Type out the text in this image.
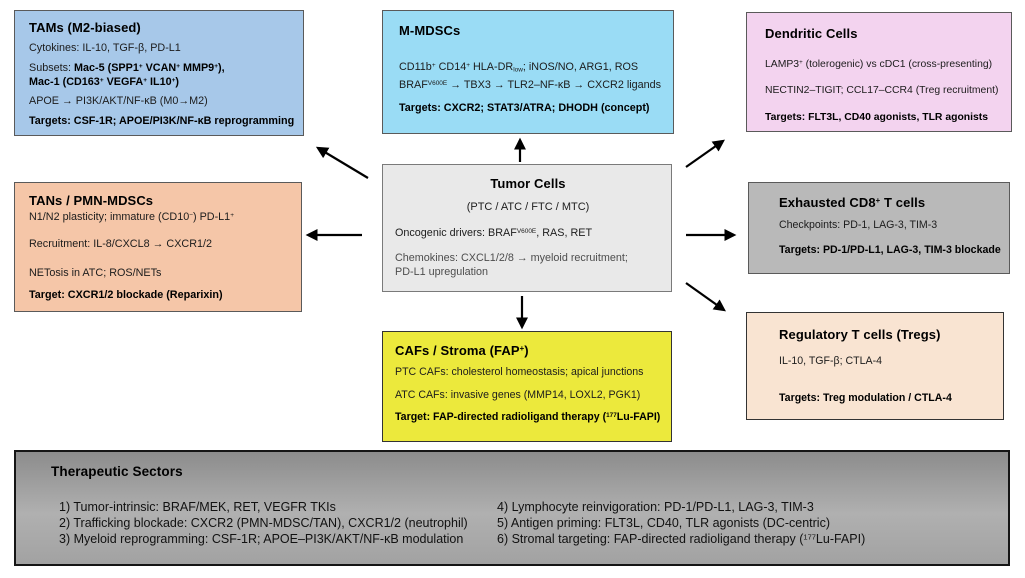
TAMs (M2-biased)

Cytokines: IL-10, TGF-β, PD-L1

Subsets: Mac-5 (SPP1+ VCAN+ MMP9+),
Mac-1 (CD163+ VEGFA+ IL10+)

APOE → PI3K/AKT/NF-κB (M0→M2)

Targets: CSF-1R; APOE/PI3K/NF-κB reprogramming

M-MDSCs

CD11b+ CD14+ HLA-$DR_{low}$; iNOS/NO, ARG1, ROS

$BRAF^{V600E} \to TBX3 \to TLR2-NF-\kappa B$ → CXCR2 ligands

Targets: CXCR2; STAT3/ATRA; DHODH (concept)

Dendritic Cells

LAMP3+ (tolerogenic) vs cDC1 (cross-presenting)

NECTIN2–TIGIT; CCL17–CCR4 (Treg recruitment)

Targets: FLT3L, CD40 agonists, TLR agonists

TANs / PMN-MDSCs

N1/N2 plasticity; immature (CD10−) PD-L1+

Recruitment: IL-8/CXCL8 → CXCR1/2

NETosis in ATC; ROS/NETs

Target: CXCR1/2 blockade (Reparixin)

Tumor Cells

(PTC / ATC / FTC / MTC)

Oncogenic drivers: $BRAF^{V600E}$, RAS, RET

Chemokines: CXCL1/2/8 → myeloid recruitment;
PD-L1 upregulation

Exhausted CD8+ T cells

Checkpoints: PD-1, LAG-3, TIM-3

Targets: PD-1/PD-L1, LAG-3, TIM-3 blockade

CAFs / Stroma (FAP+)

PTC CAFs: cholesterol homeostasis; apical junctions

ATC CAFs: invasive genes (MMP14, LOXL2, PGK1)

Target: FAP-directed radioligand therapy ($^{177}$Lu-FAPI)

Regulatory T cells (Tregs)

IL-10, TGF-β; CTLA-4

Targets: Treg modulation / CTLA-4

Therapeutic Sectors

1) Tumor-intrinsic: BRAF/MEK, RET, VEGFR TKIs

2) Trafficking blockade: CXCR2 (PMN-MDSC/TAN), CXCR1/2 (neutrophil)

3) Myeloid reprogramming: CSF-1R; APOE–PI3K/AKT/NF-κB modulation

4) Lymphocyte reinvigoration: PD-1/PD-L1, LAG-3, TIM-3

5) Antigen priming: FLT3L, CD40, TLR agonists (DC-centric)

6) Stromal targeting: FAP-directed radioligand therapy ($^{177}$Lu-FAPI)
